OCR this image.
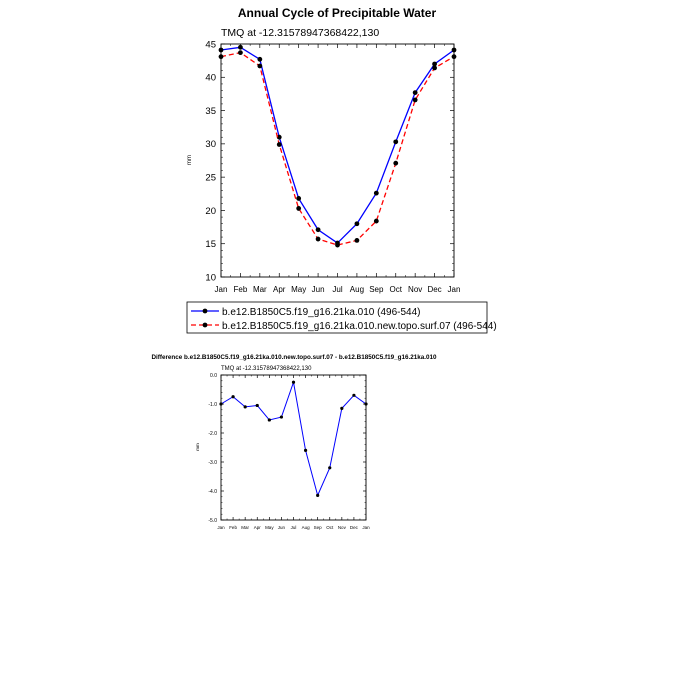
Annual Cycle of Precipitable Water
TMQ at -12.31578947368422,130
mm
b.e12.B1850C5.f19_g16.21ka.010 (496-544)
b.e12.B1850C5.f19_g16.21ka.010.new.topo.surf.07 (496-544)
Difference b.e12.B1850C5.f19_g16.21ka.010.new.topo.surf.07 - b.e12.B1850C5.f19_g16.21ka.010
TMQ at -12.31578947368422,130
mm
Jan Feb Mar Apr May Jun Jul Aug Sep Oct Nov Dec Jan
10
15
20
25
30
35
40
45
Jan Feb Mar Apr May Jun Jul Aug Sep Oct Nov Dec Jan
-5.0
-4.0
-3.0
-2.0
-1.0
0.0
